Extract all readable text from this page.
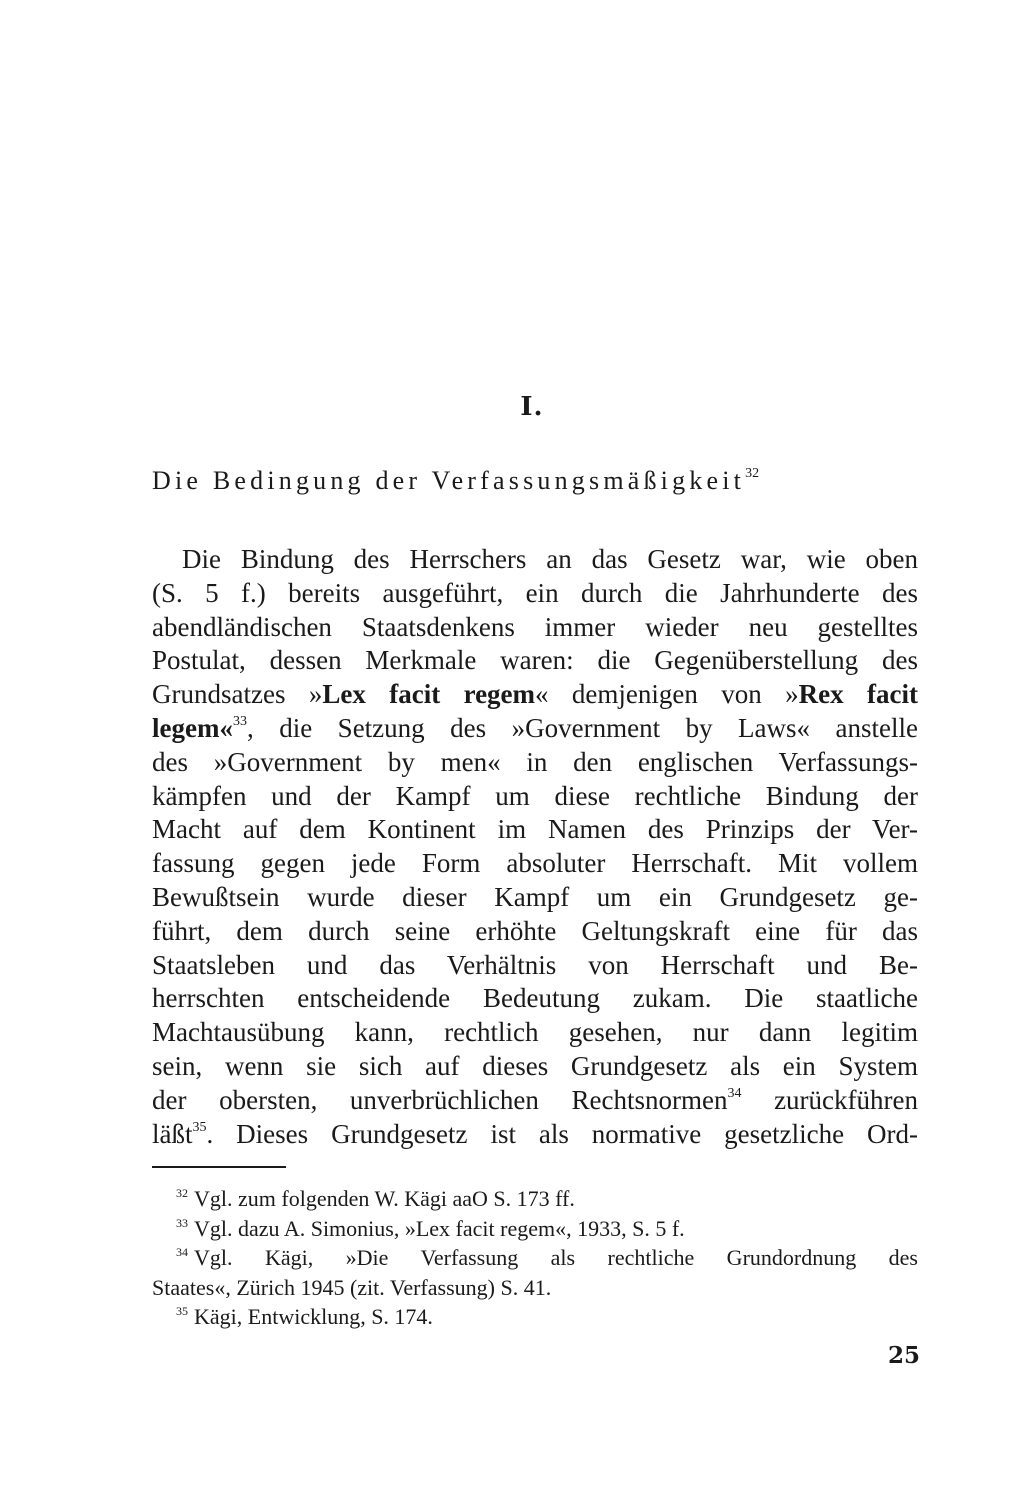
I.
Die Bedingung der Verfassungsmäßigkeit$^{32}$
Die Bindung des Herrschers an das Gesetz war, wie oben
(S. 5 f.) bereits ausgeführt, ein durch die Jahrhunderte des
abendländischen Staatsdenkens immer wieder neu gestelltes
Postulat, dessen Merkmale waren: die Gegenüberstellung des
Grundsatzes »Lex facit regem« demjenigen von »Rex facit
legem«$^{33}$, die Setzung des »Government by Laws« anstelle
des »Government by men« in den englischen Verfassungs-
kämpfen und der Kampf um diese rechtliche Bindung der
Macht auf dem Kontinent im Namen des Prinzips der Ver-
fassung gegen jede Form absoluter Herrschaft. Mit vollem
Bewußtsein wurde dieser Kampf um ein Grundgesetz ge-
führt, dem durch seine erhöhte Geltungskraft eine für das
Staatsleben und das Verhältnis von Herrschaft und Be-
herrschten entscheidende Bedeutung zukam. Die staatliche
Machtausübung kann, rechtlich gesehen, nur dann legitim
sein, wenn sie sich auf dieses Grundgesetz als ein System
der obersten, unverbrüchlichen Rechtsnormen$^{34}$ zurückführen
läßt$^{35}$. Dieses Grundgesetz ist als normative gesetzliche Ord-
$^{32}$ Vgl. zum folgenden W. Kägi aaO S. 173 ff.
$^{33}$ Vgl. dazu A. Simonius, »Lex facit regem«, 1933, S. 5 f.
$^{34}$ Vgl. Kägi, »Die Verfassung als rechtliche Grundordnung des
Staates«, Zürich 1945 (zit. Verfassung) S. 41.
$^{35}$ Kägi, Entwicklung, S. 174.
25
